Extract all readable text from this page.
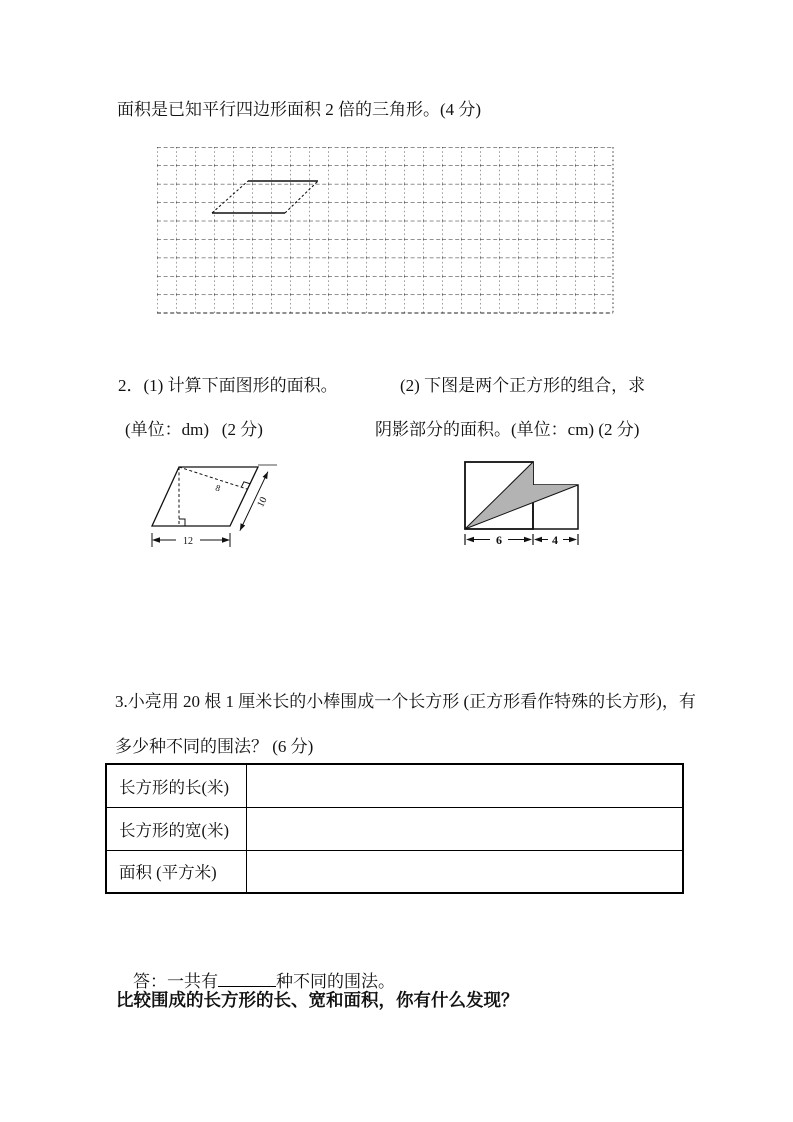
面积是已知平行四边形面积 2 倍的三角形。(4 分)
2．(1) 计算下面图形的面积。	(2) 下图是两个正方形的组合，求
(单位：dm)   (2 分)	阴影部分的面积。(单位：cm) (2 分)
8
10
12	6	4
3.小亮用 20 根 1 厘米长的小棒围成一个长方形 (正方形看作特殊的长方形)，有
多少种不同的围法？ (6 分)
长方形的长(米)	
长方形的宽(米)	
面积 (平方米)	

答：一共有	种不同的围法。

比较围成的长方形的长、宽和面积，你有什么发现？
